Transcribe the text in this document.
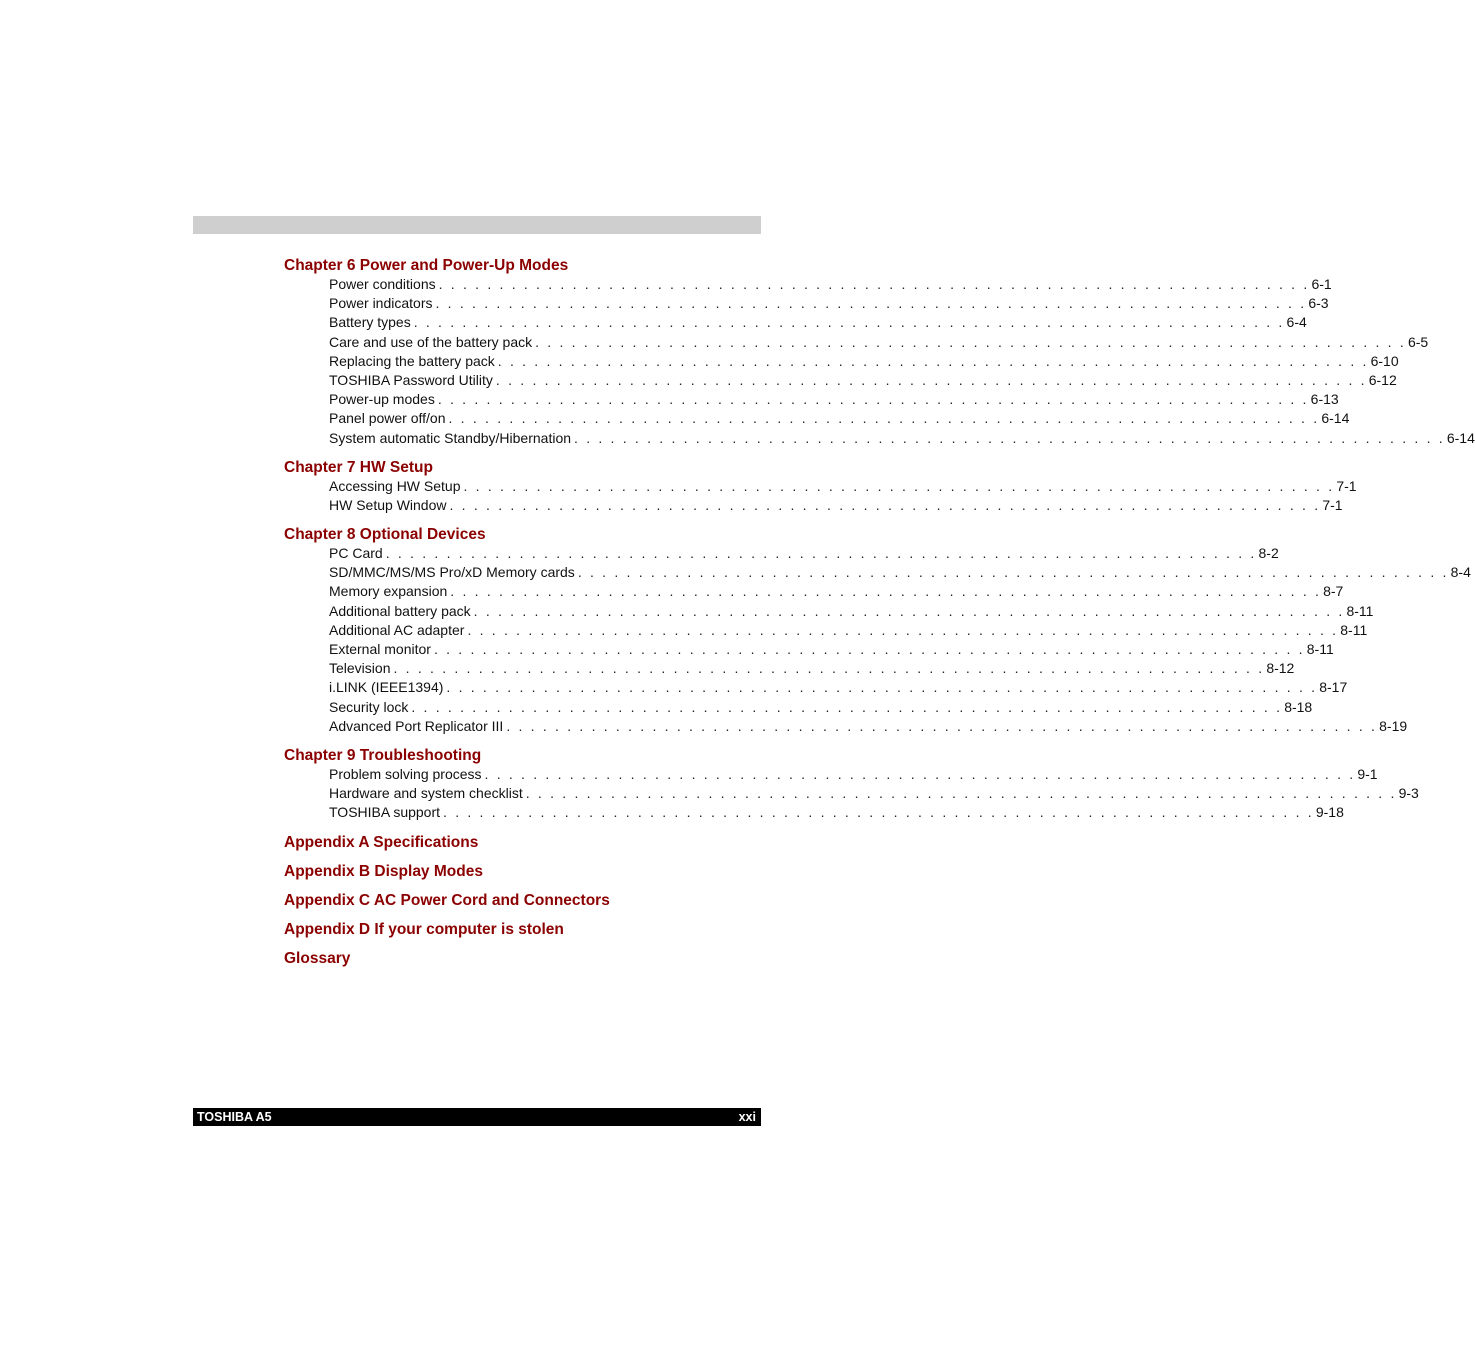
Chapter 6 Power and Power-Up Modes
Power conditions . . . . . . . . . . . . . . . . . . . . . . . . . . . . . . . . . . . . . . . . . . . . . . . . . . . . . . . . . . . . . . . . . . . . . . . . 6-1
Power indicators . . . . . . . . . . . . . . . . . . . . . . . . . . . . . . . . . . . . . . . . . . . . . . . . . . . . . . . . . . . . . . . . . . . . . . . . 6-3
Battery types . . . . . . . . . . . . . . . . . . . . . . . . . . . . . . . . . . . . . . . . . . . . . . . . . . . . . . . . . . . . . . . . . . . . . . . . 6-4
Care and use of the battery pack . . . . . . . . . . . . . . . . . . . . . . . . . . . . . . . . . . . . . . . . . . . . . . . . . . . . . . . . . . . . . . . . . . . . . . . . 6-5
Replacing the battery pack . . . . . . . . . . . . . . . . . . . . . . . . . . . . . . . . . . . . . . . . . . . . . . . . . . . . . . . . . . . . . . . . . . . . . . . . 6-10
TOSHIBA Password Utility . . . . . . . . . . . . . . . . . . . . . . . . . . . . . . . . . . . . . . . . . . . . . . . . . . . . . . . . . . . . . . . . . . . . . . . . 6-12
Power-up modes . . . . . . . . . . . . . . . . . . . . . . . . . . . . . . . . . . . . . . . . . . . . . . . . . . . . . . . . . . . . . . . . . . . . . . . . 6-13
Panel power off/on . . . . . . . . . . . . . . . . . . . . . . . . . . . . . . . . . . . . . . . . . . . . . . . . . . . . . . . . . . . . . . . . . . . . . . . . 6-14
System automatic Standby/Hibernation . . . . . . . . . . . . . . . . . . . . . . . . . . . . . . . . . . . . . . . . . . . . . . . . . . . . . . . . . . . . . . . . . . . . . . . . 6-14
Chapter 7 HW Setup
Accessing HW Setup . . . . . . . . . . . . . . . . . . . . . . . . . . . . . . . . . . . . . . . . . . . . . . . . . . . . . . . . . . . . . . . . . . . . . . . . 7-1
HW Setup Window . . . . . . . . . . . . . . . . . . . . . . . . . . . . . . . . . . . . . . . . . . . . . . . . . . . . . . . . . . . . . . . . . . . . . . . . 7-1
Chapter 8 Optional Devices
PC Card . . . . . . . . . . . . . . . . . . . . . . . . . . . . . . . . . . . . . . . . . . . . . . . . . . . . . . . . . . . . . . . . . . . . . . . . 8-2
SD/MMC/MS/MS Pro/xD Memory cards . . . . . . . . . . . . . . . . . . . . . . . . . . . . . . . . . . . . . . . . . . . . . . . . . . . . . . . . . . . . . . . . . . . . . . . . 8-4
Memory expansion . . . . . . . . . . . . . . . . . . . . . . . . . . . . . . . . . . . . . . . . . . . . . . . . . . . . . . . . . . . . . . . . . . . . . . . . 8-7
Additional battery pack . . . . . . . . . . . . . . . . . . . . . . . . . . . . . . . . . . . . . . . . . . . . . . . . . . . . . . . . . . . . . . . . . . . . . . . . 8-11
Additional AC adapter . . . . . . . . . . . . . . . . . . . . . . . . . . . . . . . . . . . . . . . . . . . . . . . . . . . . . . . . . . . . . . . . . . . . . . . . 8-11
External monitor . . . . . . . . . . . . . . . . . . . . . . . . . . . . . . . . . . . . . . . . . . . . . . . . . . . . . . . . . . . . . . . . . . . . . . . . 8-11
Television . . . . . . . . . . . . . . . . . . . . . . . . . . . . . . . . . . . . . . . . . . . . . . . . . . . . . . . . . . . . . . . . . . . . . . . . 8-12
i.LINK (IEEE1394) . . . . . . . . . . . . . . . . . . . . . . . . . . . . . . . . . . . . . . . . . . . . . . . . . . . . . . . . . . . . . . . . . . . . . . . . 8-17
Security lock . . . . . . . . . . . . . . . . . . . . . . . . . . . . . . . . . . . . . . . . . . . . . . . . . . . . . . . . . . . . . . . . . . . . . . . . 8-18
Advanced Port Replicator III . . . . . . . . . . . . . . . . . . . . . . . . . . . . . . . . . . . . . . . . . . . . . . . . . . . . . . . . . . . . . . . . . . . . . . . . 8-19
Chapter 9 Troubleshooting
Problem solving process . . . . . . . . . . . . . . . . . . . . . . . . . . . . . . . . . . . . . . . . . . . . . . . . . . . . . . . . . . . . . . . . . . . . . . . . 9-1
Hardware and system checklist . . . . . . . . . . . . . . . . . . . . . . . . . . . . . . . . . . . . . . . . . . . . . . . . . . . . . . . . . . . . . . . . . . . . . . . . 9-3
TOSHIBA support . . . . . . . . . . . . . . . . . . . . . . . . . . . . . . . . . . . . . . . . . . . . . . . . . . . . . . . . . . . . . . . . . . . . . . . . 9-18
Appendix A Specifications
Appendix B Display Modes
Appendix C AC Power Cord and Connectors
Appendix D If your computer is stolen
Glossary
TOSHIBA A5	xxi
